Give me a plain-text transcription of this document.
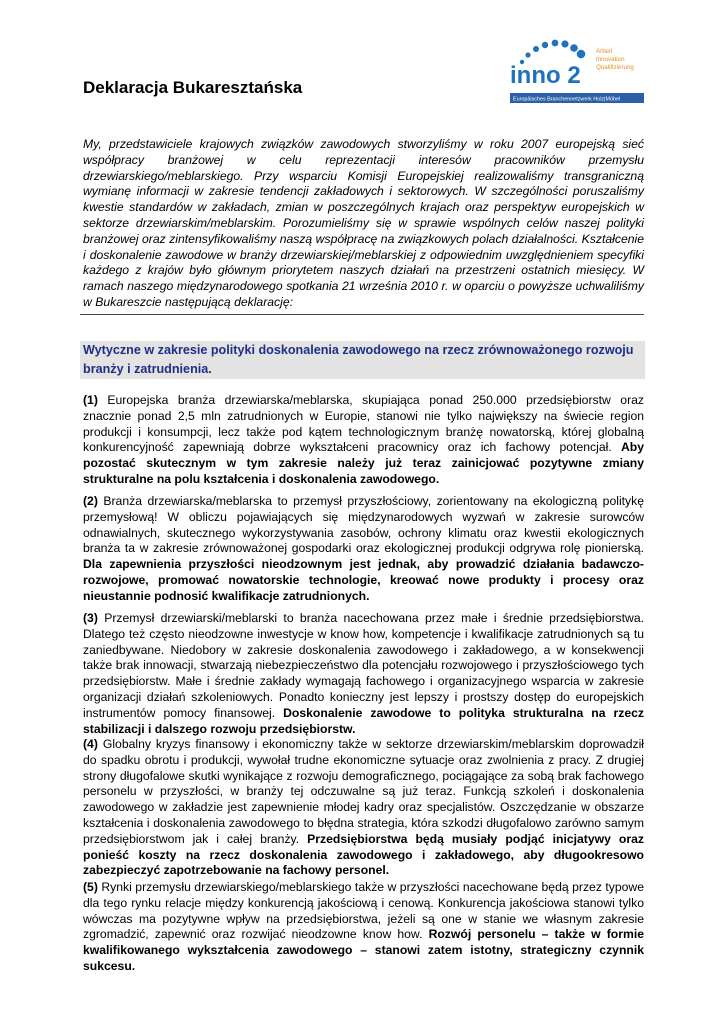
Deklaracja Bukaresztańska	inno 2
Arbeit
Innovation
Qualifizierung
Europäisches Branchennetzwerk Holz|Möbel

My, przedstawiciele krajowych związków zawodowych stworzyliśmy w roku 2007 europejską sieć współpracy branżowej w celu reprezentacji interesów pracowników przemysłu drzewiarskiego/meblarskiego. Przy wsparciu Komisji Europejskiej realizowaliśmy transgraniczną wymianę informacji w zakresie tendencji zakładowych i sektorowych. W szczególności poruszaliśmy kwestie standardów w zakładach, zmian w poszczególnych krajach oraz perspektyw europejskich w sektorze drzewiarskim/meblarskim. Porozumieliśmy się w sprawie wspólnych celów naszej polityki branżowej oraz zintensyfikowaliśmy naszą współpracę na związkowych polach działalności. Kształcenie i doskonalenie zawodowe w branży drzewiarskiej/meblarskiej z odpowiednim uwzględnieniem specyfiki każdego z krajów było głównym priorytetem naszych działań na przestrzeni ostatnich miesięcy. W ramach naszego międzynarodowego spotkania 21 września 2010 r. w oparciu o powyższe uchwaliliśmy w Bukareszcie następującą deklarację:

Wytyczne w zakresie polityki doskonalenia zawodowego na rzecz zrównoważonego rozwoju branży i zatrudnienia.

(1) Europejska branża drzewiarska/meblarska, skupiająca ponad 250.000 przedsiębiorstw oraz znacznie ponad 2,5 mln zatrudnionych w Europie, stanowi nie tylko największy na świecie region produkcji i konsumpcji, lecz także pod kątem technologicznym branżę nowatorską, której globalną konkurencyjność zapewniają dobrze wykształceni pracownicy oraz ich fachowy potencjał. Aby pozostać skutecznym w tym zakresie należy już teraz zainicjować pozytywne zmiany strukturalne na polu kształcenia i doskonalenia zawodowego.

(2) Branża drzewiarska/meblarska to przemysł przyszłościowy, zorientowany na ekologiczną politykę przemysłową! W obliczu pojawiających się międzynarodowych wyzwań w zakresie surowców odnawialnych, skutecznego wykorzystywania zasobów, ochrony klimatu oraz kwestii ekologicznych branża ta w zakresie zrównoważonej gospodarki oraz ekologicznej produkcji odgrywa rolę pionierską. Dla zapewnienia przyszłości nieodzownym jest jednak, aby prowadzić działania badawczo-rozwojowe, promować nowatorskie technologie, kreować nowe produkty i procesy oraz nieustannie podnosić kwalifikacje zatrudnionych.

(3) Przemysł drzewiarski/meblarski to branża nacechowana przez małe i średnie przedsiębiorstwa. Dlatego też często nieodzowne inwestycje w know how, kompetencje i kwalifikacje zatrudnionych są tu zaniedbywane. Niedobory w zakresie doskonalenia zawodowego i zakładowego, a w konsekwencji także brak innowacji, stwarzają niebezpieczeństwo dla potencjału rozwojowego i przyszłościowego tych przedsiębiorstw. Małe i średnie zakłady wymagają fachowego i organizacyjnego wsparcia w zakresie organizacji działań szkoleniowych. Ponadto konieczny jest lepszy i prostszy dostęp do europejskich instrumentów pomocy finansowej. Doskonalenie zawodowe to polityka strukturalna na rzecz stabilizacji i dalszego rozwoju przedsiębiorstw.

(4) Globalny kryzys finansowy i ekonomiczny także w sektorze drzewiarskim/meblarskim doprowadził do spadku obrotu i produkcji, wywołał trudne ekonomiczne sytuacje oraz zwolnienia z pracy. Z drugiej strony długofalowe skutki wynikające z rozwoju demograficznego, pociągające za sobą brak fachowego personelu w przyszłości, w branży tej odczuwalne są już teraz. Funkcją szkoleń i doskonalenia zawodowego w zakładzie jest zapewnienie młodej kadry oraz specjalistów. Oszczędzanie w obszarze kształcenia i doskonalenia zawodowego to błędna strategia, która szkodzi długofalowo zarówno samym przedsiębiorstwom jak i całej branży. Przedsiębiorstwa będą musiały podjąć inicjatywy oraz ponieść koszty na rzecz doskonalenia zawodowego i zakładowego, aby długookresowo zabezpieczyć zapotrzebowanie na fachowy personel.

(5) Rynki przemysłu drzewiarskiego/meblarskiego także w przyszłości nacechowane będą przez typowe dla tego rynku relacje między konkurencją jakościową i cenową. Konkurencja jakościowa stanowi tylko wówczas ma pozytywne wpływ na przedsiębiorstwa, jeżeli są one w stanie we własnym zakresie zgromadzić, zapewnić oraz rozwijać nieodzowne know how. Rozwój personelu – także w formie kwalifikowanego wykształcenia zawodowego – stanowi zatem istotny, strategiczny czynnik sukcesu.
